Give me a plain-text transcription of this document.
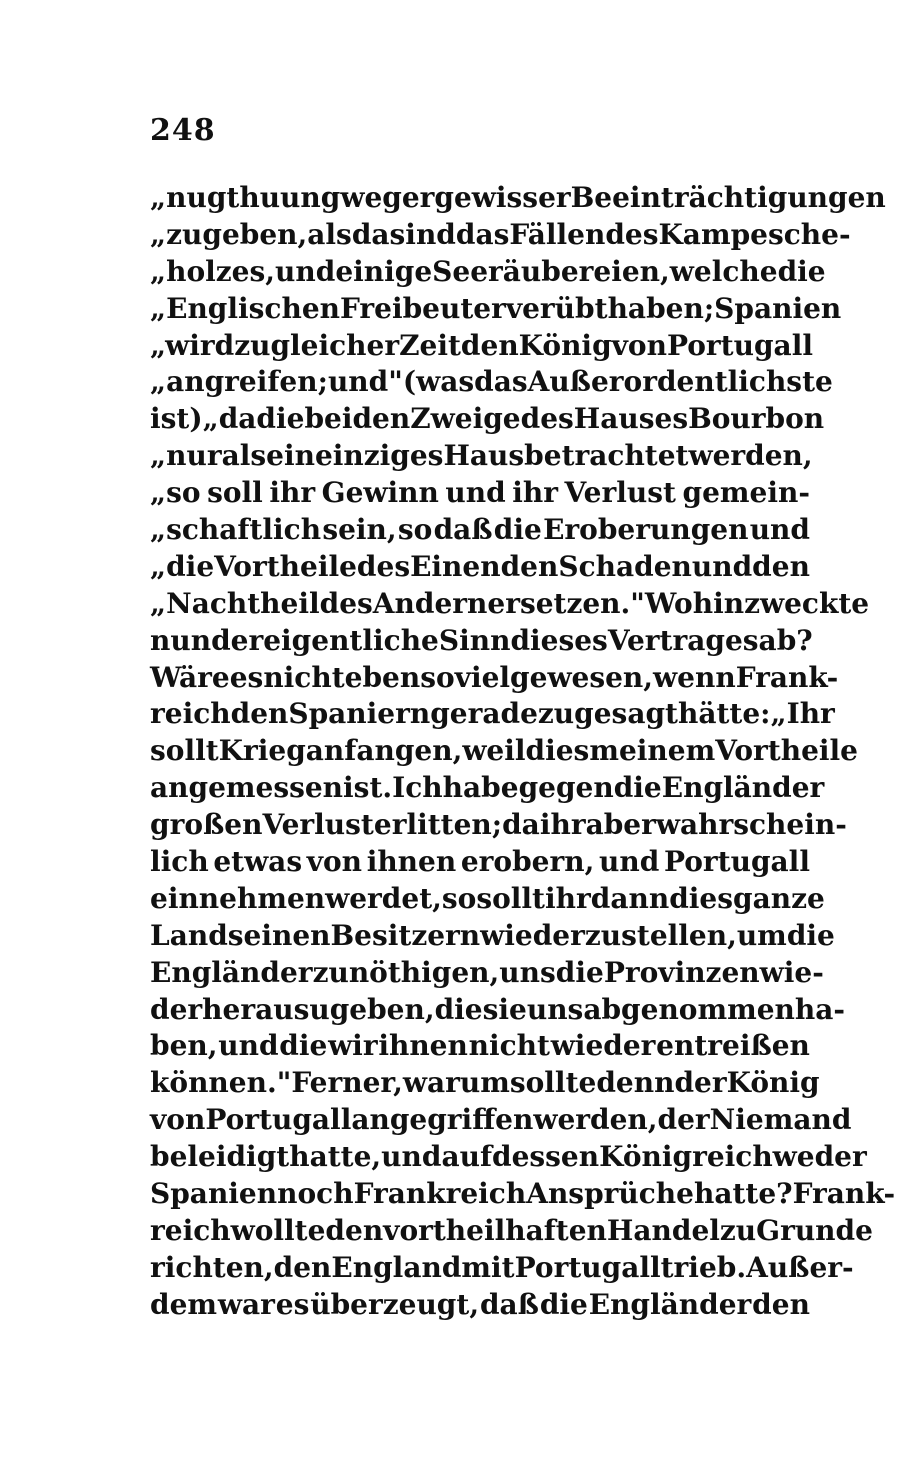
248
„nugthuung weger gewisser Beeinträchtigungen
„zu geben, als da sind das Fällen des Kampesche-
„holzes, und einige Seeräubereien, welche die
„Englischen Freibeuter verübt haben; Spanien
„wird zu gleicher Zeit den König von Portugall
„angreifen; und" (was das Außerordentlichste
ist) „da die beiden Zweige des Hauses Bourbon
„nur als ein einziges Haus betrachtet werden,
„so soll ihr Gewinn und ihr Verlust gemein-
„schaftlich sein, so daß die Eroberungen und
„die Vortheile des Einen den Schaden und den
„Nachtheil des Andern ersetzen." Wohin zweckte
nun der eigentliche Sinn dieses Vertrages ab?
Wäre es nicht eben so viel gewesen, wenn Frank-
reich den Spaniern geradezu gesagt hätte: „Ihr
sollt Krieg anfangen, weil dies meinem Vortheile
angemessen ist. Ich habe gegen die Engländer
großen Verlust erlitten; da ihr aber wahrschein-
lich etwas von ihnen erobern, und Portugall
einnehmen werdet, so sollt ihr dann dies ganze
Land seinen Besitzern wieder zustellen, um die
Engländer zu nöthigen, uns die Provinzen wie-
der heraus ugeben, die sie uns abgenommen ha-
ben, und die wir ihnen nicht wieder entreißen
können." Ferner, warum sollte denn der König
von Portugall angegriffen werden, der Niemand
beleidigt hatte, und auf dessen Königreich weder
Spanien noch Frankreich Ansprüche hatte? Frank-
reich wollte den vortheilhaften Handel zu Grunde
richten, den England mit Portugall trieb. Außer-
dem war es überzeugt, daß die Engländer den
